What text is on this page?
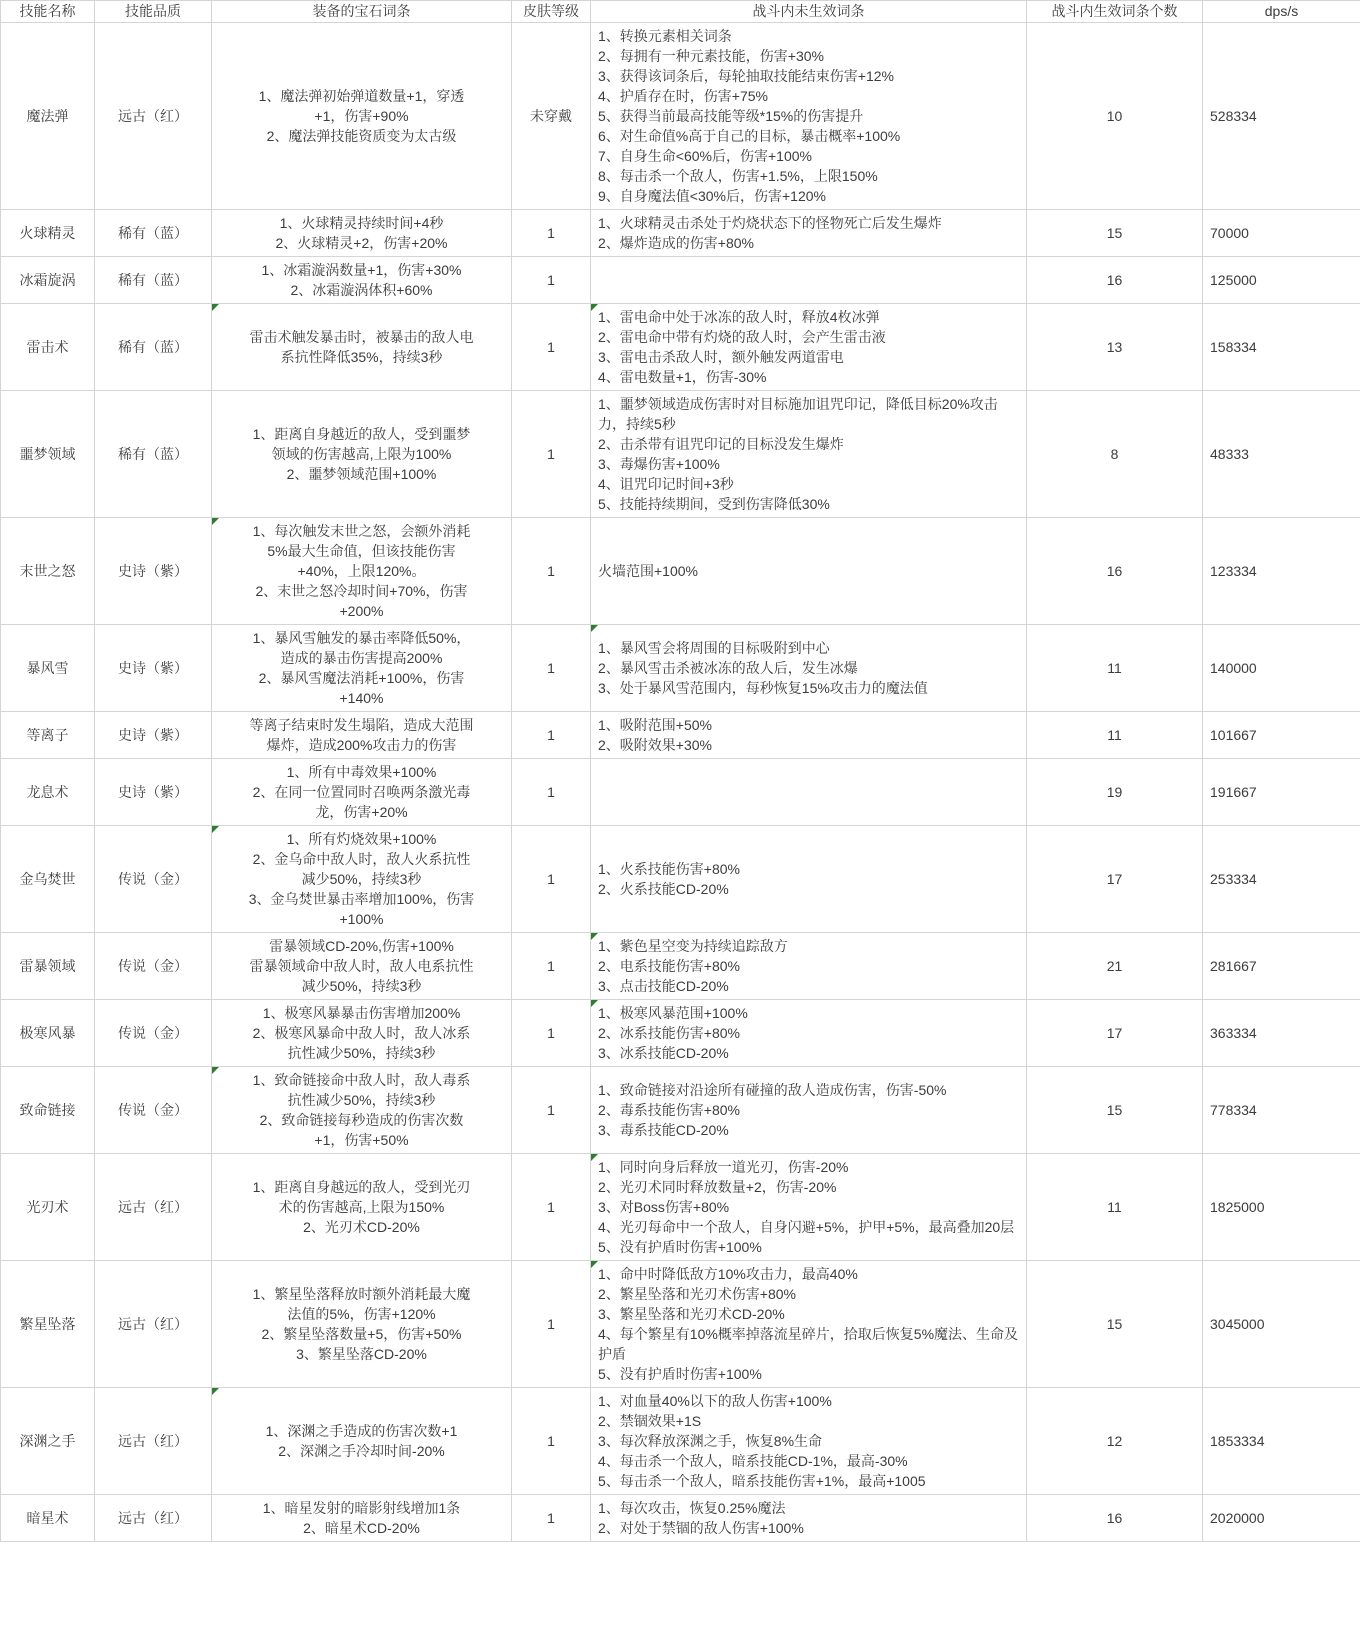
技能名称	技能品质	装备的宝石词条	皮肤等级	战斗内未生效词条	战斗内生效词条个数	dps/s
魔法弹	远古（红）	
1、魔法弹初始弹道数量+1，穿透
+1，伤害+90%
2、魔法弹技能资质变为太古级
	未穿戴	
1、转换元素相关词条
2、每拥有一种元素技能，伤害+30%
3、获得该词条后，每轮抽取技能结束伤害+12%
4、护盾存在时，伤害+75%
5、获得当前最高技能等级*15%的伤害提升
6、对生命值%高于自己的目标，暴击概率+100%
7、自身生命<60%后，伤害+100%
8、每击杀一个敌人，伤害+1.5%，上限150%
9、自身魔法值<30%后，伤害+120%
	10	528334
火球精灵	稀有（蓝）	1、火球精灵持续时间+4秒
2、火球精灵+2，伤害+20%	1	1、火球精灵击杀处于灼烧状态下的怪物死亡后发生爆炸
2、爆炸造成的伤害+80%	15	70000
冰霜旋涡	稀有（蓝）	1、冰霜漩涡数量+1，伤害+30%
2、冰霜漩涡体积+60%	1		16	125000
雷击术	稀有（蓝）	雷击术触发暴击时，被暴击的敌人电
系抗性降低35%，持续3秒	1	1、雷电命中处于冰冻的敌人时，释放4枚冰弹
2、雷电命中带有灼烧的敌人时，会产生雷击液
3、雷电击杀敌人时，额外触发两道雷电
4、雷电数量+1，伤害-30%	13	158334
噩梦领域	稀有（蓝）	1、距离自身越近的敌人，受到噩梦
领域的伤害越高,上限为100%
2、噩梦领域范围+100%	1	1、噩梦领域造成伤害时对目标施加诅咒印记，降低目标20%攻击力，持续5秒
2、击杀带有诅咒印记的目标没发生爆炸
3、毒爆伤害+100%
4、诅咒印记时间+3秒
5、技能持续期间，受到伤害降低30%	8	48333
末世之怒	史诗（紫）	1、每次触发末世之怒，会额外消耗
5%最大生命值，但该技能伤害
+40%，上限120%。
2、末世之怒冷却时间+70%，伤害
+200%	1	火墙范围+100%	16	123334
暴风雪	史诗（紫）	1、暴风雪触发的暴击率降低50%，
造成的暴击伤害提高200%
2、暴风雪魔法消耗+100%，伤害
+140%	1	1、暴风雪会将周围的目标吸附到中心
2、暴风雪击杀被冰冻的敌人后，发生冰爆
3、处于暴风雪范围内，每秒恢复15%攻击力的魔法值	11	140000
等离子	史诗（紫）	等离子结束时发生塌陷，造成大范围
爆炸，造成200%攻击力的伤害	1	1、吸附范围+50%
2、吸附效果+30%	11	101667
龙息术	史诗（紫）	1、所有中毒效果+100%
2、在同一位置同时召唤两条激光毒
龙，伤害+20%	1		19	191667
金乌焚世	传说（金）	1、所有灼烧效果+100%
2、金乌命中敌人时，敌人火系抗性
减少50%，持续3秒
3、金乌焚世暴击率增加100%，伤害
+100%	1	1、火系技能伤害+80%
2、火系技能CD-20%	17	253334
雷暴领域	传说（金）	雷暴领域CD-20%,伤害+100%
雷暴领域命中敌人时，敌人电系抗性
减少50%，持续3秒	1	1、紫色星空变为持续追踪敌方
2、电系技能伤害+80%
3、点击技能CD-20%	21	281667
极寒风暴	传说（金）	1、极寒风暴暴击伤害增加200%
2、极寒风暴命中敌人时，敌人冰系
抗性减少50%，持续3秒	1	1、极寒风暴范围+100%
2、冰系技能伤害+80%
3、冰系技能CD-20%	17	363334
致命链接	传说（金）	1、致命链接命中敌人时，敌人毒系
抗性减少50%，持续3秒
2、致命链接每秒造成的伤害次数
+1，伤害+50%	1	1、致命链接对沿途所有碰撞的敌人造成伤害，伤害-50%
2、毒系技能伤害+80%
3、毒系技能CD-20%	15	778334
光刃术	远古（红）	1、距离自身越远的敌人，受到光刃
术的伤害越高,上限为150%
2、光刃术CD-20%	1	1、同时向身后释放一道光刃，伤害-20%
2、光刃术同时释放数量+2，伤害-20%
3、对Boss伤害+80%
4、光刃每命中一个敌人，自身闪避+5%，护甲+5%，最高叠加20层
5、没有护盾时伤害+100%	11	1825000
繁星坠落	远古（红）	1、繁星坠落释放时额外消耗最大魔
法值的5%，伤害+120%
2、繁星坠落数量+5，伤害+50%
3、繁星坠落CD-20%	1	1、命中时降低敌方10%攻击力，最高40%
2、繁星坠落和光刃术伤害+80%
3、繁星坠落和光刃术CD-20%
4、每个繁星有10%概率掉落流星碎片，拾取后恢复5%魔法、生命及护盾
5、没有护盾时伤害+100%	15	3045000
深渊之手	远古（红）	1、深渊之手造成的伤害次数+1
2、深渊之手冷却时间-20%	1	1、对血量40%以下的敌人伤害+100%
2、禁锢效果+1S
3、每次释放深渊之手，恢复8%生命
4、每击杀一个敌人，暗系技能CD-1%，最高-30%
5、每击杀一个敌人，暗系技能伤害+1%，最高+1005	12	1853334
暗星术	远古（红）	1、暗星发射的暗影射线增加1条
2、暗星术CD-20%	1	1、每次攻击，恢复0.25%魔法
2、对处于禁锢的敌人伤害+100%	16	2020000
